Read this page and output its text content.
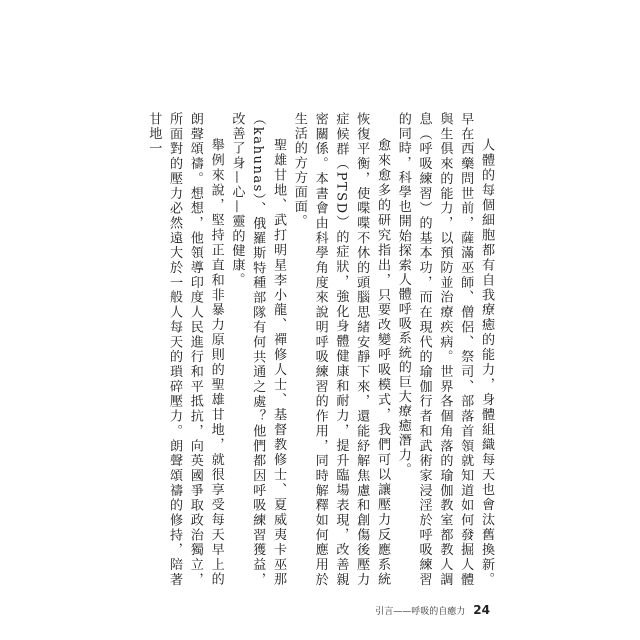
人體的每個細胞都有自我療癒的能力，身體組織每天也會汰舊換新。早在西藥問世前，薩滿巫師、僧侶、祭司、部落首領就知道如何發掘人體與生俱來的能力，以預防並治療疾病。世界各個角落的瑜伽教室都教人調息（呼吸練習）的基本功，而在現代的瑜伽行者和武術家浸淫於呼吸練習的同時，科學也開始探索人體呼吸系統的巨大療癒潛力。

愈來愈多的研究指出，只要改變呼吸模式，我們可以讓壓力反應系統恢復平衡，使喋喋不休的頭腦思緒安靜下來，還能紓解焦慮和創傷後壓力症候群（PTSD）的症狀，強化身體健康和耐力，提升臨場表現，改善親密關係。本書會由科學角度來說明呼吸練習的作用，同時解釋如何應用於生活的方方面面。

聖雄甘地、武打明星李小龍、禪修人士、基督教修士、夏威夷卡巫那（kahunas）、俄羅斯特種部隊有何共通之處？他們都因呼吸練習獲益，改善了身—心—靈的健康。

舉例來說，堅持正直和非暴力原則的聖雄甘地，就很享受每天早上的朗聲頌禱。想想，他領導印度人民進行和平抵抗，向英國爭取政治獨立，所面對的壓力必然遠大於一般人每天的瑣碎壓力。朗聲頌禱的修持，陪著甘地一

引言——呼吸的自癒力 24
